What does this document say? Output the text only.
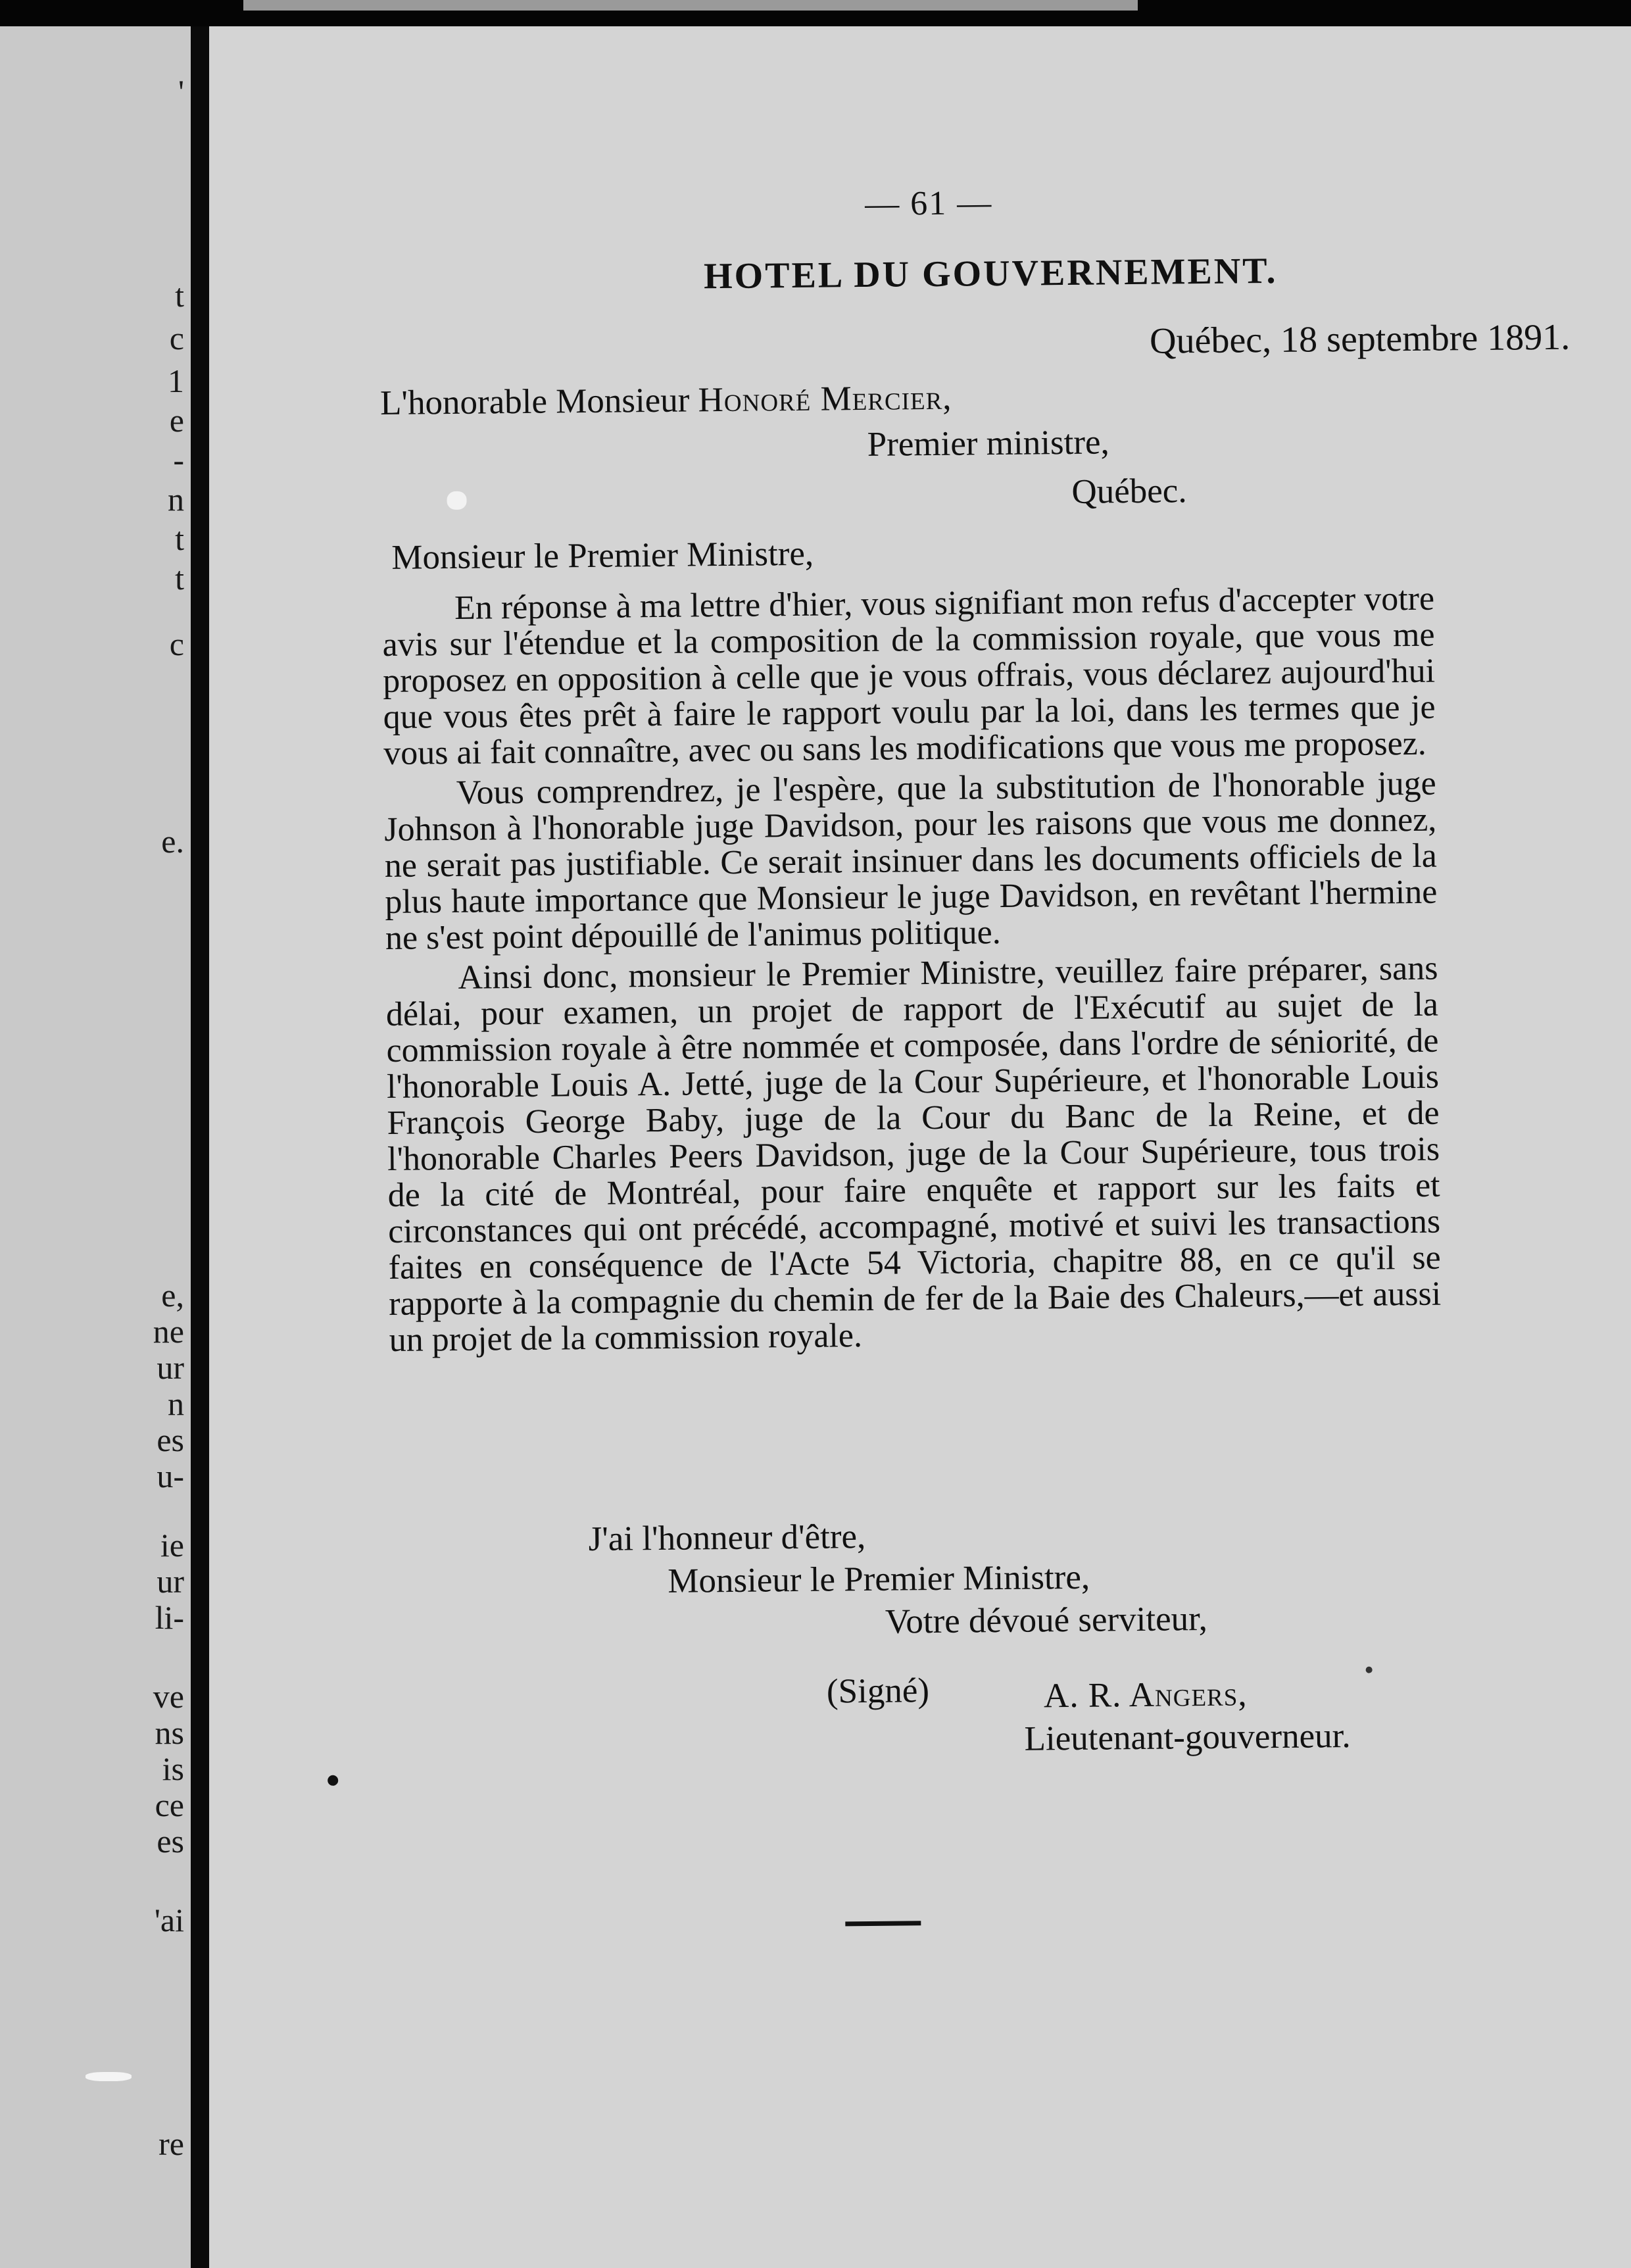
'
t
c
1
e
-
n
t
t
c
e.
e,
ne
ur
n
es
u-
ie
ur
li-
ve
ns
is
ce
es
'ai
re
— 61 —
HOTEL DU GOUVERNEMENT.
Québec, 18 septembre 1891.
L'honorable Monsieur Honoré Mercier,
Premier ministre,
Québec.
Monsieur le Premier Ministre,

En réponse à ma lettre d'hier, vous signifiant mon refus d'accepter votre avis sur l'étendue et la composition de la commission royale, que vous me proposez en opposition à celle que je vous offrais, vous déclarez aujourd'hui que vous êtes prêt à faire le rapport voulu par la loi, dans les termes que je vous ai fait connaître, avec ou sans les modifications que vous me proposez.

Vous comprendrez, je l'espère, que la substitution de l'honorable juge Johnson à l'honorable juge Davidson, pour les raisons que vous me donnez, ne serait pas justifiable. Ce serait insinuer dans les documents officiels de la plus haute importance que Monsieur le juge Davidson, en revêtant l'hermine ne s'est point dépouillé de l'animus politique.

Ainsi donc, monsieur le Premier Ministre, veuillez faire préparer, sans délai, pour examen, un projet de rapport de l'Exécutif au sujet de la commission royale à être nommée et composée, dans l'ordre de séniorité, de l'honorable Louis A. Jetté, juge de la Cour Supérieure, et l'honorable Louis François George Baby, juge de la Cour du Banc de la Reine, et de l'honorable Charles Peers Davidson, juge de la Cour Supérieure, tous trois de la cité de Montréal, pour faire enquête et rapport sur les faits et circonstances qui ont précédé, accompagné, motivé et suivi les transactions faites en conséquence de l'Acte 54 Victoria, chapitre 88, en ce qu'il se rapporte à la compagnie du chemin de fer de la Baie des Chaleurs,—et aussi un projet de la commission royale.

J'ai l'honneur d'être,
Monsieur le Premier Ministre,
Votre dévoué serviteur,
(Signé)	A. R. Angers,
Lieutenant-gouverneur.
